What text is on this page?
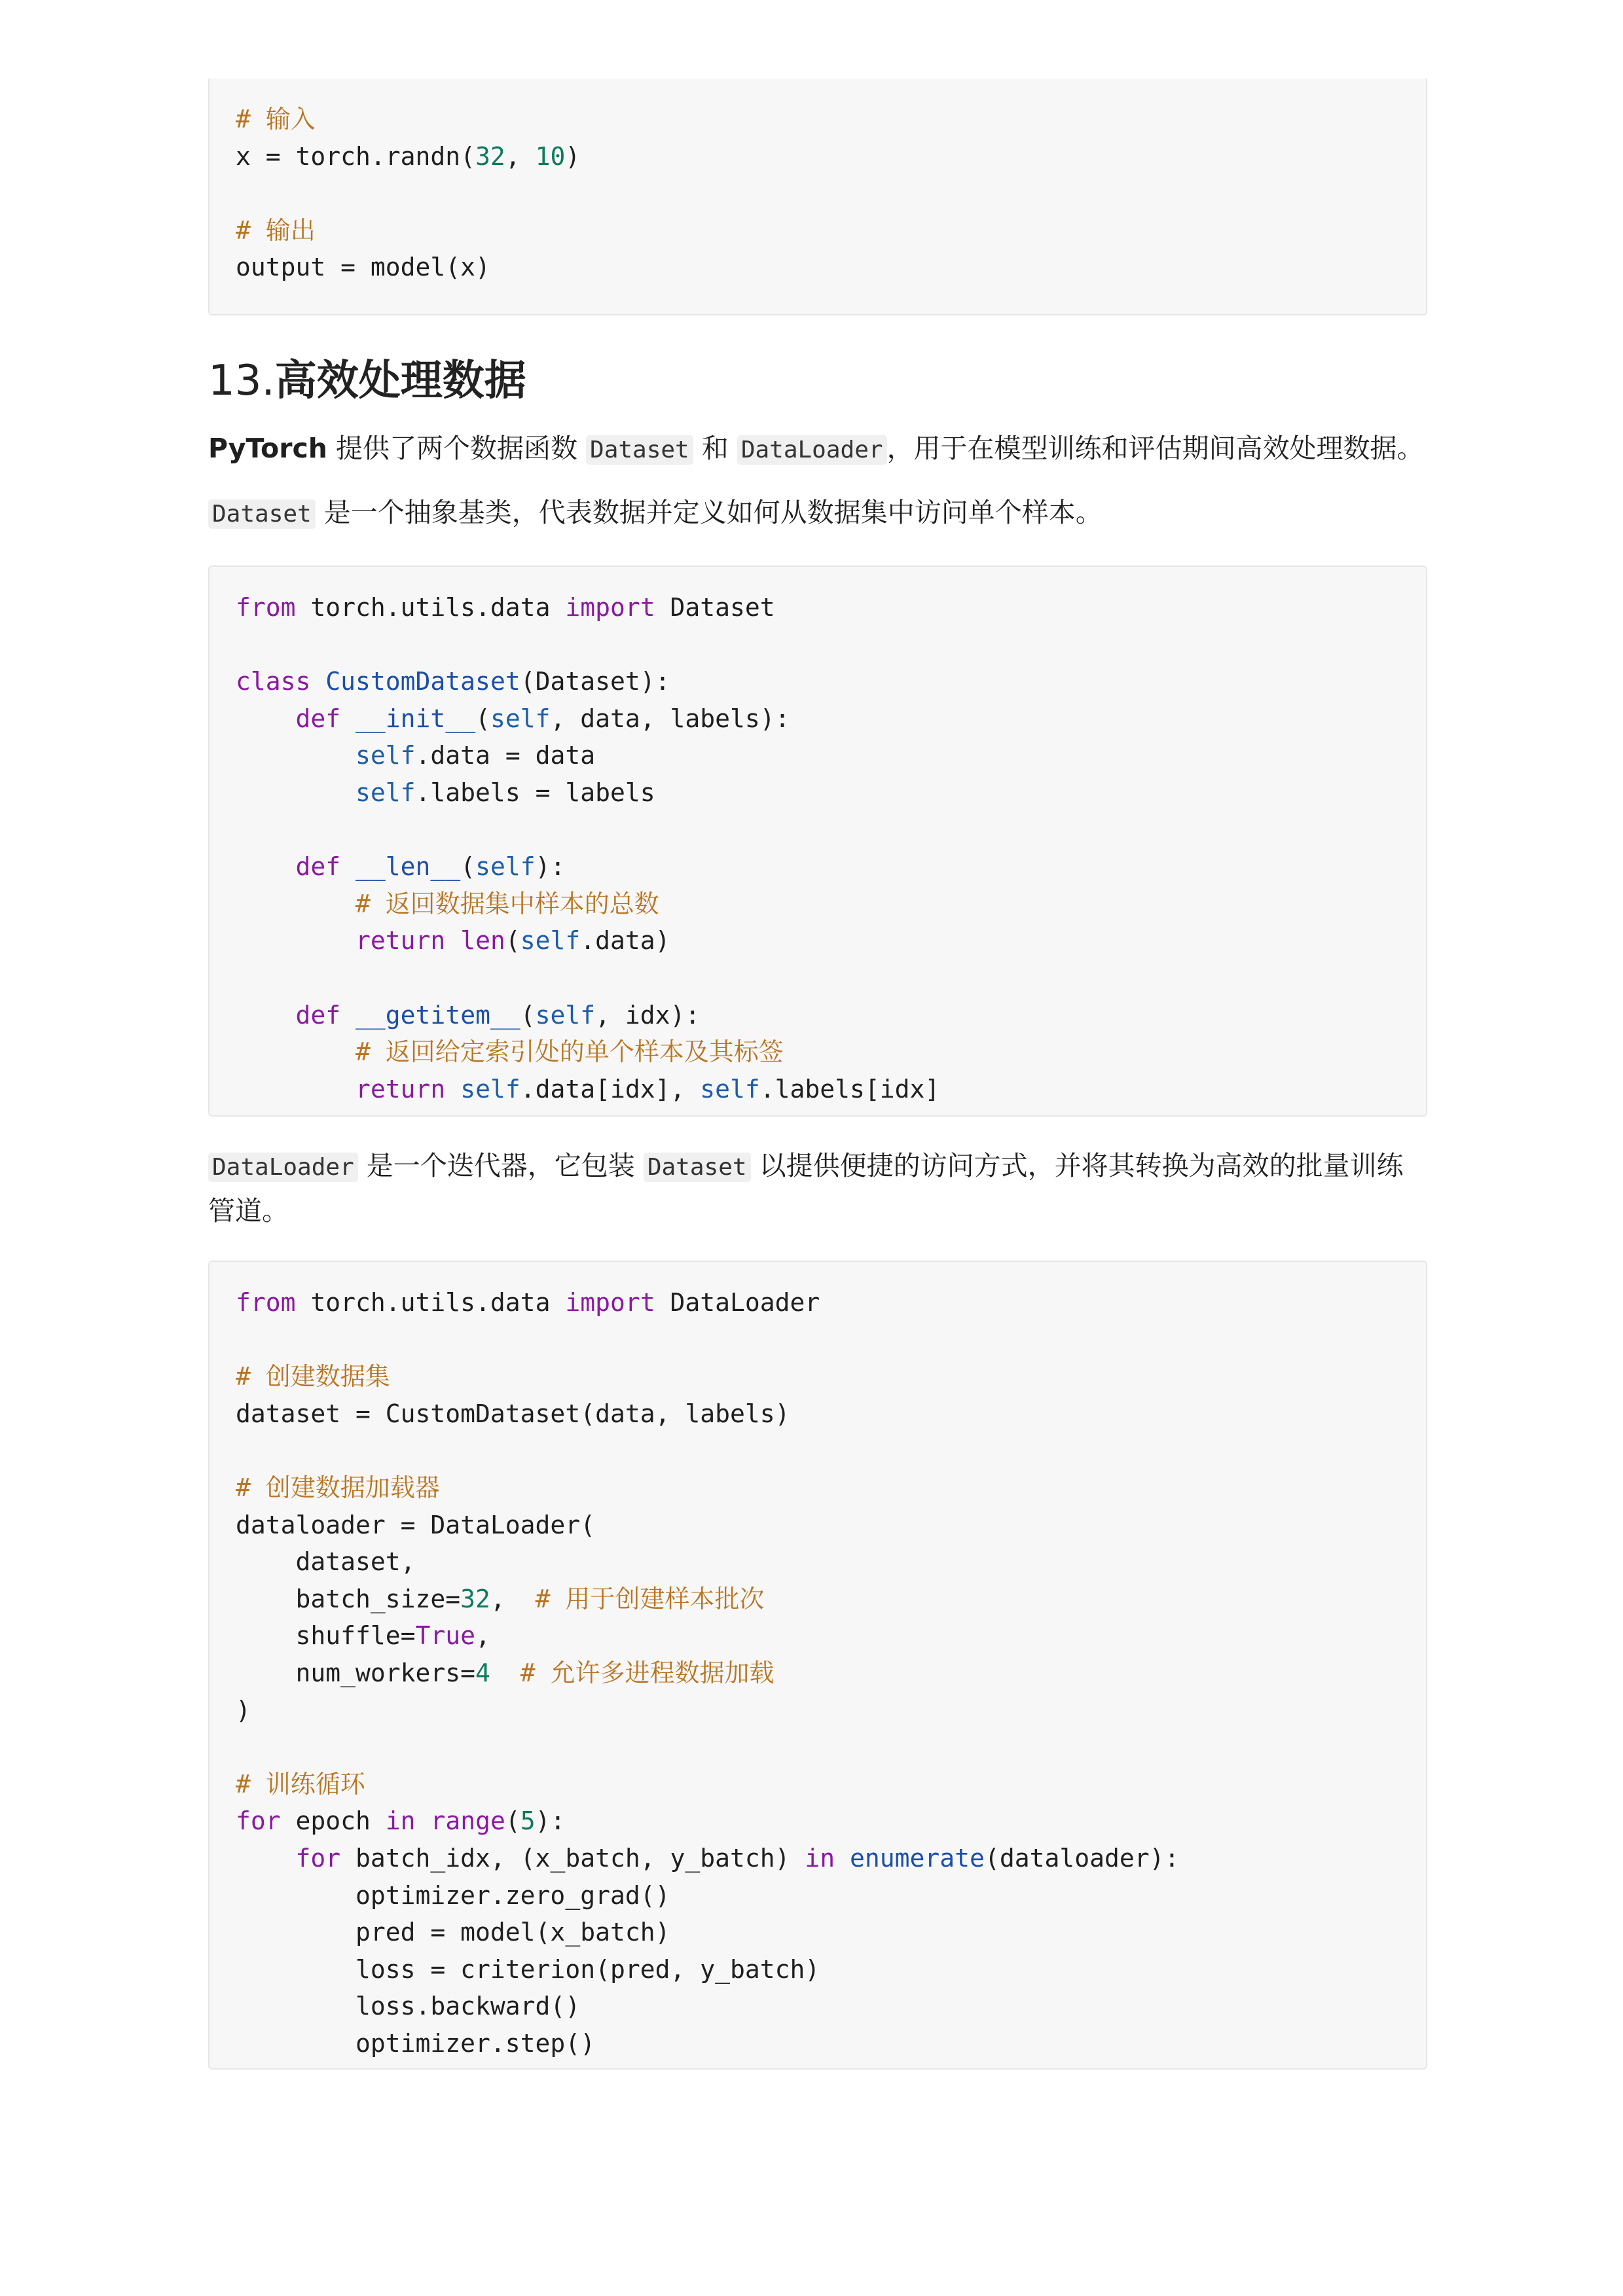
# 输入
x = torch.randn(32, 10)
# 输出
output = model(x)
13.高效处理数据

PyTorch 提供了两个数据函数 Dataset 和 DataLoader ，用于在模型训练和评估期间高效处理数据。

Dataset 是一个抽象基类，代表数据并定义如何从数据集中访问单个样本。

from torch.utils.data import Dataset
class CustomDataset(Dataset):
def __init__(self, data, labels):
self.data = data
self.labels = labels
def __len__(self):
# 返回数据集中样本的总数
return len(self.data)
def __getitem__(self, idx):
# 返回给定索引处的单个样本及其标签
return self.data[idx], self.labels[idx]

DataLoader 是一个迭代器，它包装 Dataset 以提供便捷的访问方式，并将其转换为高效的批量训练管道。

from torch.utils.data import DataLoader
# 创建数据集
dataset = CustomDataset(data, labels)
# 创建数据加载器
dataloader = DataLoader(
dataset,
batch_size=32,  # 用于创建样本批次
shuffle=True,
num_workers=4 # 允许多进程数据加载
)
# 训练循环
for epoch in range(5):
for batch_idx, (x_batch, y_batch) in enumerate(dataloader):
optimizer.zero_grad()
pred = model(x_batch)
loss = criterion(pred, y_batch)
loss.backward()
optimizer.step()
